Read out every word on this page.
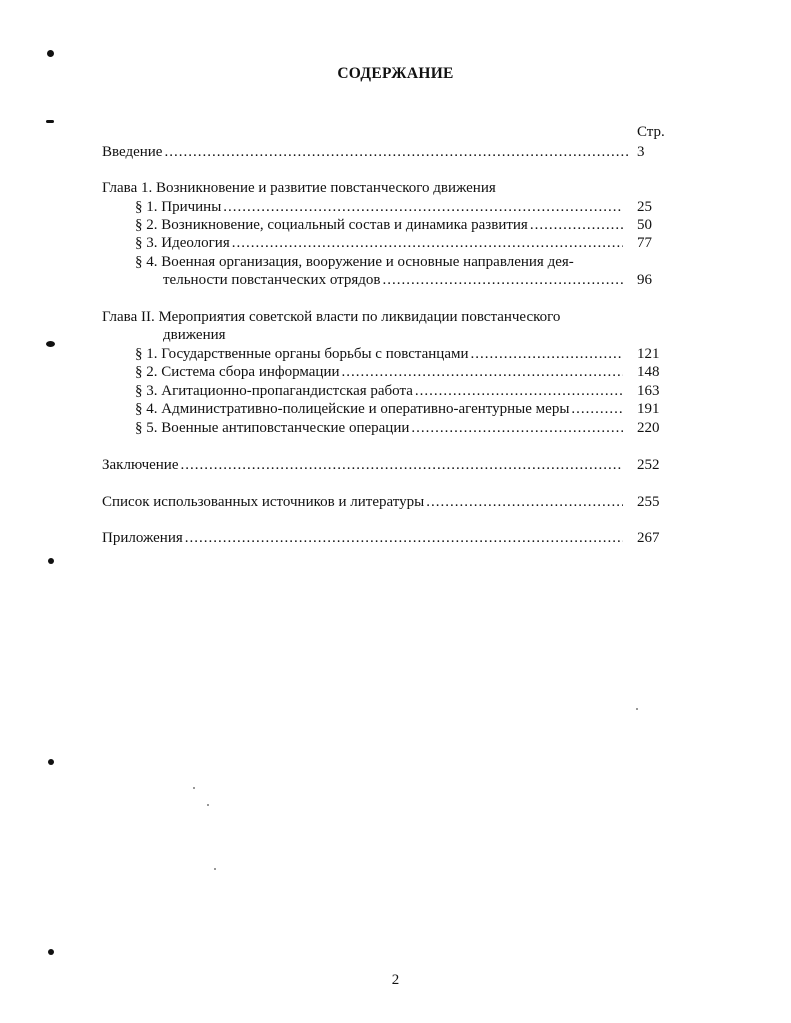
СОДЕРЖАНИЕ
Стр.
Введение .....	3
Глава 1. Возникновение и развитие повстанческого движения
§ 1. Причины .....	25
§ 2. Возникновение, социальный состав и динамика развития .....	50
§ 3. Идеология .....	77
§ 4. Военная организация, вооружение и основные направления дея-
тельности повстанческих отрядов .....	96
Глава II. Мероприятия советской власти по ликвидации повстанческого
движения
§ 1. Государственные органы борьбы с повстанцами .....	121
§ 2. Система сбора информации .....	148
§ 3. Агитационно-пропагандистская работа .....	163
§ 4. Административно-полицейские и оперативно-агентурные меры .....	191
§ 5. Военные антиповстанческие операции .....	220
Заключение .....	252
Список использованных источников и литературы .....	255
Приложения .....	267
2
